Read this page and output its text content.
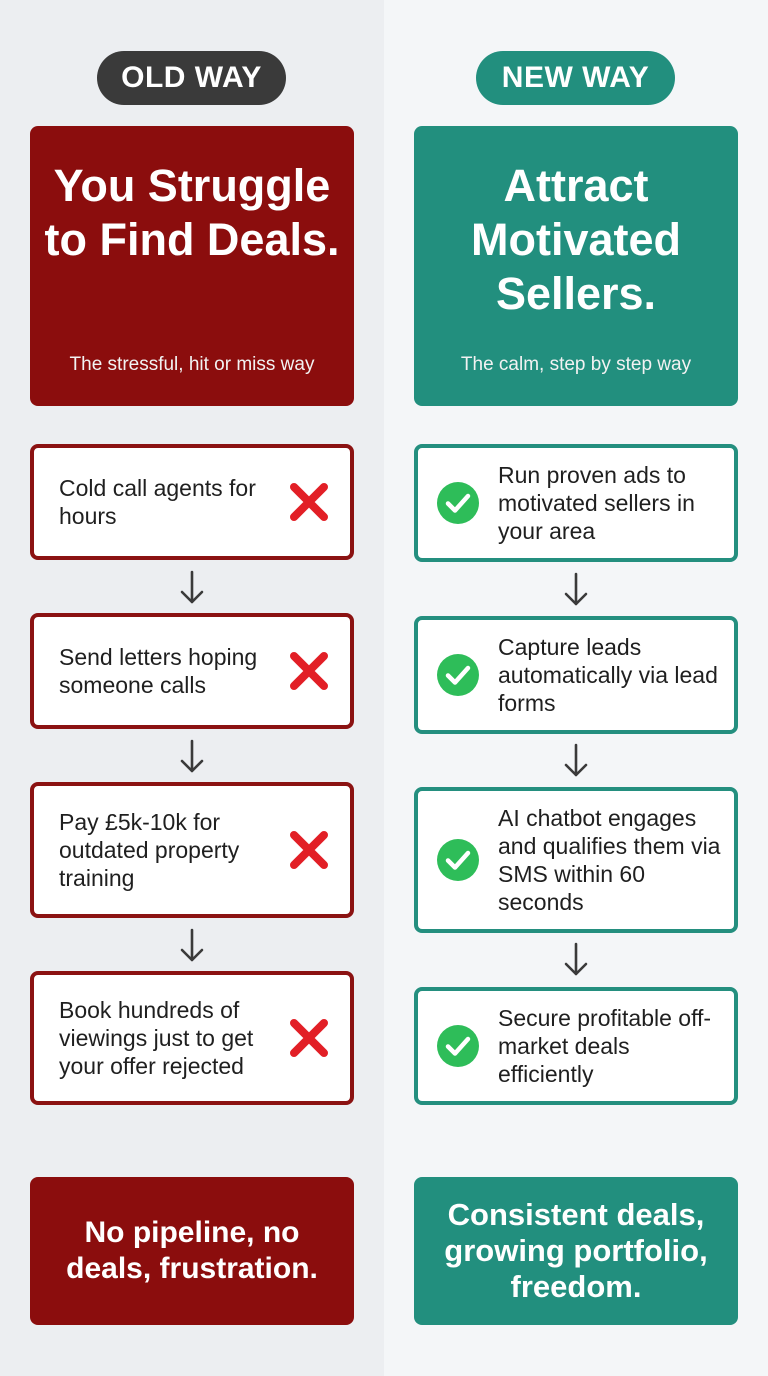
OLD WAY	NEW WAY
You Struggle to Find Deals.
The stressful, hit or miss way
Attract Motivated Sellers.
The calm, step by step way
Cold call agents for hours
Send letters hoping someone calls
Pay £5k-10k for outdated property training
Book hundreds of viewings just to get your offer rejected
Run proven ads to motivated sellers in your area
Capture leads automatically via lead forms
AI chatbot engages and qualifies them via SMS within 60 seconds
Secure profitable off-market deals efficiently
No pipeline, no deals, frustration.
Consistent deals, growing portfolio, freedom.
